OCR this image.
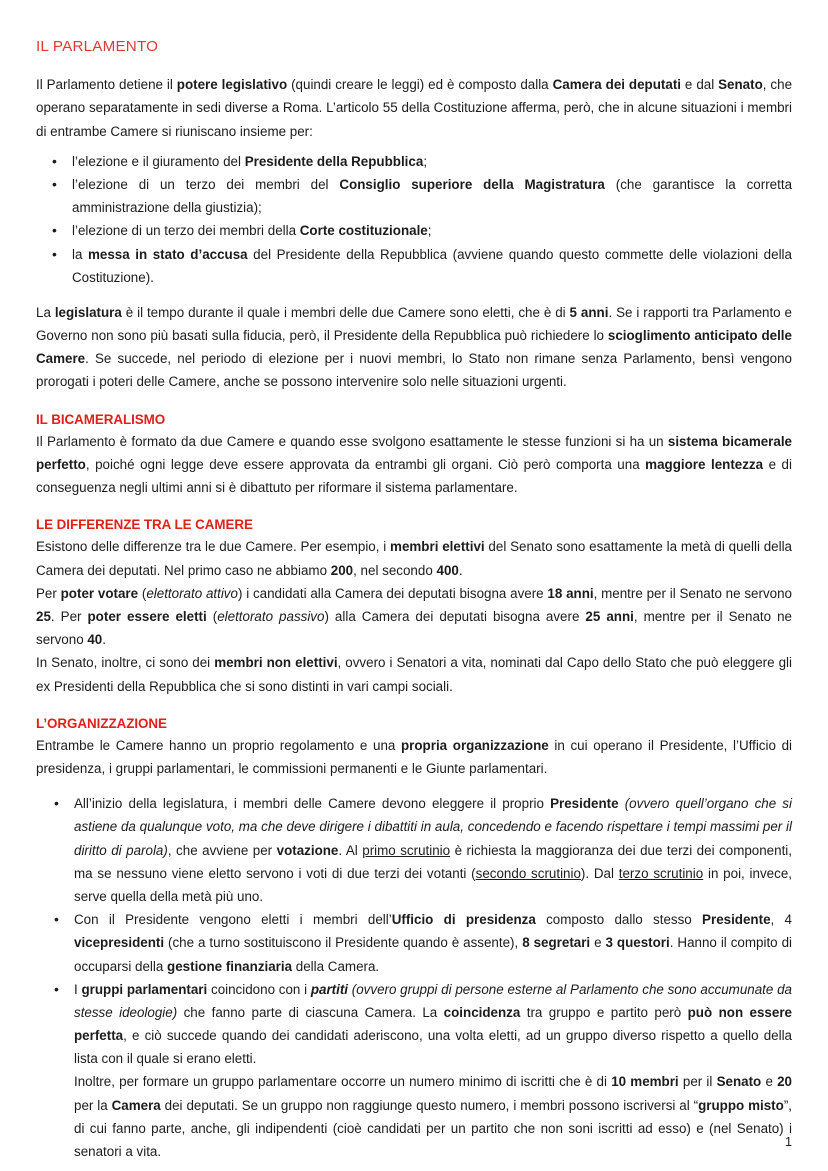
IL PARLAMENTO

Il Parlamento detiene il potere legislativo (quindi creare le leggi) ed è composto dalla Camera dei deputati e dal Senato, che operano separatamente in sedi diverse a Roma. L’articolo 55 della Costituzione afferma, però, che in alcune situazioni i membri di entrambe Camere si riuniscano insieme per:

• l’elezione e il giuramento del Presidente della Repubblica;
• l’elezione di un terzo dei membri del Consiglio superiore della Magistratura (che garantisce la corretta amministrazione della giustizia);
• l’elezione di un terzo dei membri della Corte costituzionale;
• la messa in stato d’accusa del Presidente della Repubblica (avviene quando questo commette delle violazioni della Costituzione).

La legislatura è il tempo durante il quale i membri delle due Camere sono eletti, che è di 5 anni. Se i rapporti tra Parlamento e Governo non sono più basati sulla fiducia, però, il Presidente della Repubblica può richiedere lo scioglimento anticipato delle Camere. Se succede, nel periodo di elezione per i nuovi membri, lo Stato non rimane senza Parlamento, bensì vengono prorogati i poteri delle Camere, anche se possono intervenire solo nelle situazioni urgenti.

IL BICAMERALISMO

Il Parlamento è formato da due Camere e quando esse svolgono esattamente le stesse funzioni si ha un sistema bicamerale perfetto, poiché ogni legge deve essere approvata da entrambi gli organi. Ciò però comporta una maggiore lentezza e di conseguenza negli ultimi anni si è dibattuto per riformare il sistema parlamentare.

LE DIFFERENZE TRA LE CAMERE

Esistono delle differenze tra le due Camere. Per esempio, i membri elettivi del Senato sono esattamente la metà di quelli della Camera dei deputati. Nel primo caso ne abbiamo 200, nel secondo 400.

Per poter votare (elettorato attivo) i candidati alla Camera dei deputati bisogna avere 18 anni, mentre per il Senato ne servono 25. Per poter essere eletti (elettorato passivo) alla Camera dei deputati bisogna avere 25 anni, mentre per il Senato ne servono 40.

In Senato, inoltre, ci sono dei membri non elettivi, ovvero i Senatori a vita, nominati dal Capo dello Stato che può eleggere gli ex Presidenti della Repubblica che si sono distinti in vari campi sociali.

L’ORGANIZZAZIONE

Entrambe le Camere hanno un proprio regolamento e una propria organizzazione in cui operano il Presidente, l’Ufficio di presidenza, i gruppi parlamentari, le commissioni permanenti e le Giunte parlamentari.

• All’inizio della legislatura, i membri delle Camere devono eleggere il proprio Presidente (ovvero quell’organo che si astiene da qualunque voto, ma che deve dirigere i dibattiti in aula, concedendo e facendo rispettare i tempi massimi per il diritto di parola), che avviene per votazione. Al primo scrutinio è richiesta la maggioranza dei due terzi dei componenti, ma se nessuno viene eletto servono i voti di due terzi dei votanti (secondo scrutinio). Dal terzo scrutinio in poi, invece, serve quella della metà più uno.
• Con il Presidente vengono eletti i membri dell’Ufficio di presidenza composto dallo stesso Presidente, 4 vicepresidenti (che a turno sostituiscono il Presidente quando è assente), 8 segretari e 3 questori. Hanno il compito di occuparsi della gestione finanziaria della Camera.
• I gruppi parlamentari coincidono con i partiti (ovvero gruppi di persone esterne al Parlamento che sono accumunate da stesse ideologie) che fanno parte di ciascuna Camera. La coincidenza tra gruppo e partito però può non essere perfetta, e ciò succede quando dei candidati aderiscono, una volta eletti, ad un gruppo diverso rispetto a quello della lista con il quale si erano eletti.
Inoltre, per formare un gruppo parlamentare occorre un numero minimo di iscritti che è di 10 membri per il Senato e 20 per la Camera dei deputati. Se un gruppo non raggiunge questo numero, i membri possono iscriversi al “gruppo misto”, di cui fanno parte, anche, gli indipendenti (cioè candidati per un partito che non soni iscritti ad esso) e (nel Senato) i senatori a vita.
1
